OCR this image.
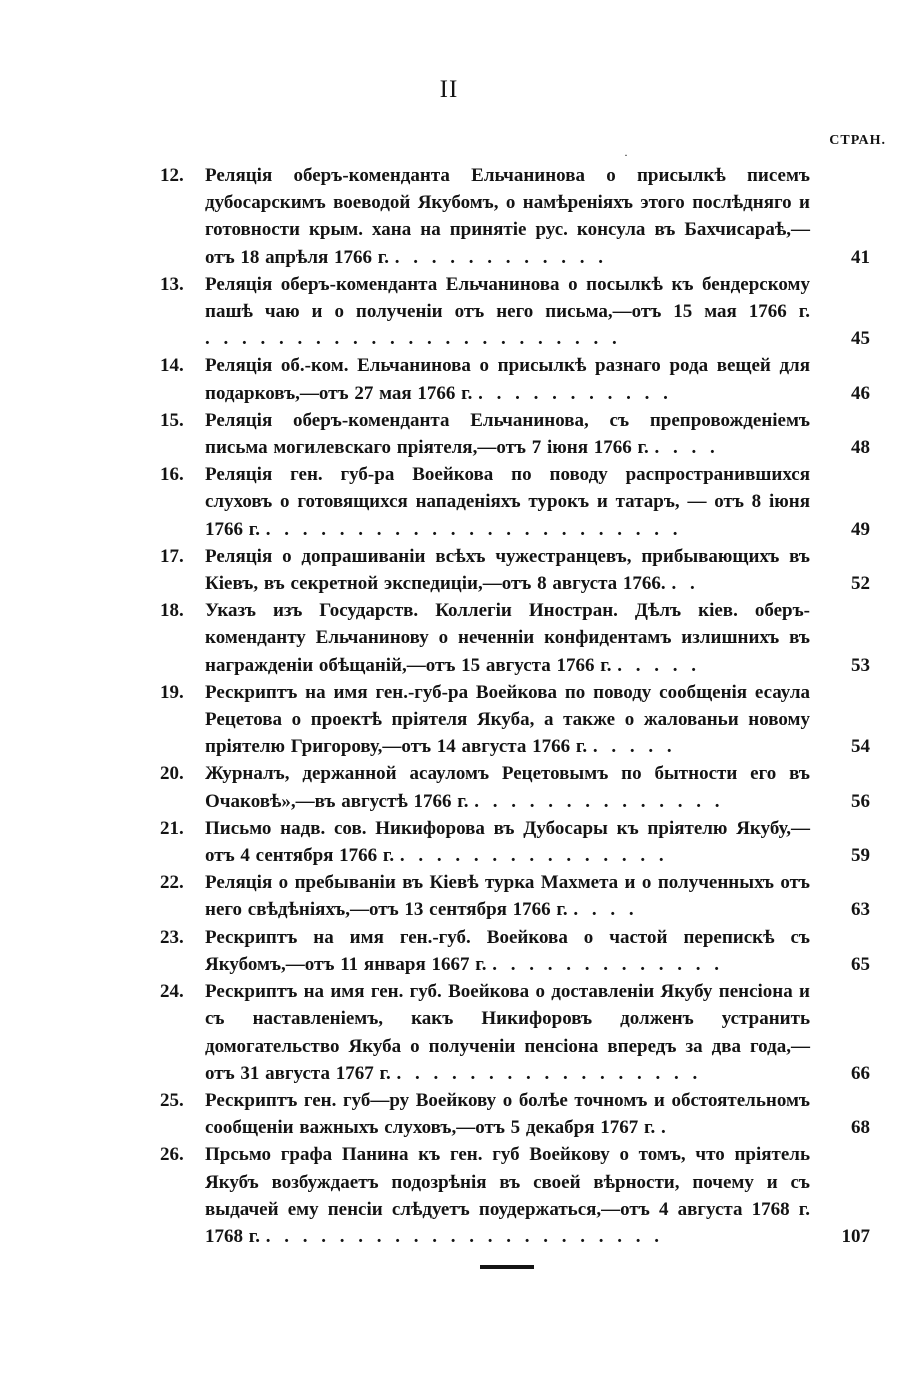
II
·
СТРАН.
12.	Реляція оберъ-коменданта Ельчанинова о присылкѣ писемъ дубосарскимъ воеводой Якубомъ, о намѣреніяхъ этого послѣдняго и готовности крым. хана на принятіе рус. консула въ Бахчисараѣ,—отъ 18 апрѣля 1766 г. . . . . . . . . . . . .	41
13.	Реляція оберъ-коменданта Ельчанинова о посылкѣ къ бендерскому пашѣ чаю и о полученіи отъ него письма,—отъ 15 мая 1766 г. . . . . . . . . . . . . . . . . . . . . . . .	45
14.	Реляція об.-ком. Ельчанинова о присылкѣ разнаго рода вещей для подарковъ,—отъ 27 мая 1766 г. . . . . . . . . . . .	46
15.	Реляція оберъ-коменданта Ельчанинова, съ препровожденіемъ письма могилевскаго пріятеля,—отъ 7 іюня 1766 г. . . . .	48
16.	Реляція ген. губ-ра Воейкова по поводу распространившихся слуховъ о готовящихся нападеніяхъ турокъ и татаръ, — отъ 8 іюня 1766 г. . . . . . . . . . . . . . . . . . . . . . . .	49
17.	Реляція о допрашиваніи всѣхъ чужестранцевъ, прибывающихъ въ Кіевъ, въ секретной экспедиціи,—отъ 8 августа 1766. . .	52
18.	Указъ изъ Государств. Коллегіи Иностран. Дѣлъ кіев. оберъ-коменданту Ельчанинову о неченніи конфидентамъ излишнихъ въ награжденіи обѣщаній,—отъ 15 августа 1766 г. . . . . .	53
19.	Рескриптъ на имя ген.-губ-ра Воейкова по поводу сообщенія есаула Рецетова о проектѣ пріятеля Якуба, а также о жалованьи новому пріятелю Григорову,—отъ 14 августа 1766 г. . . . . .	54
20.	Журналъ, держанной асауломъ Рецетовымъ по бытности его въ Очаковѣ»,—въ августѣ 1766 г. . . . . . . . . . . . . . .	56
21.	Письмо надв. сов. Никифорова въ Дубосары къ пріятелю Якубу,—отъ 4 сентября 1766 г. . . . . . . . . . . . . . . .	59
22.	Реляція о пребываніи въ Кіевѣ турка Махмета и о полученныхъ отъ него свѣдѣніяхъ,—отъ 13 сентября 1766 г. . . . .	63
23.	Рескриптъ на имя ген.-губ. Воейкова о частой перепискѣ съ Якубомъ,—отъ 11 января 1667 г. . . . . . . . . . . . . .	65
24.	Рескриптъ на имя ген. губ. Воейкова о доставленіи Якубу пенсіона и съ наставленіемъ, какъ Никифоровъ долженъ устранить домогательство Якуба о полученіи пенсіона впередъ за два года,—отъ 31 августа 1767 г. . . . . . . . . . . . . . . . . .	66
25.	Рескриптъ ген. губ—ру Воейкову о болѣе точномъ и обстоятельномъ сообщеніи важныхъ слуховъ,—отъ 5 декабря 1767 г. .	68
26.	Прсьмо графа Панина къ ген. губ Воейкову о томъ, что пріятель Якубъ возбуждаетъ подозрѣнія въ своей вѣрности, почему и съ выдачей ему пенсіи слѣдуетъ поудержаться,—отъ 4 августа 1768 г. 1768 г. . . . . . . . . . . . . . . . . . . . . . .	107
